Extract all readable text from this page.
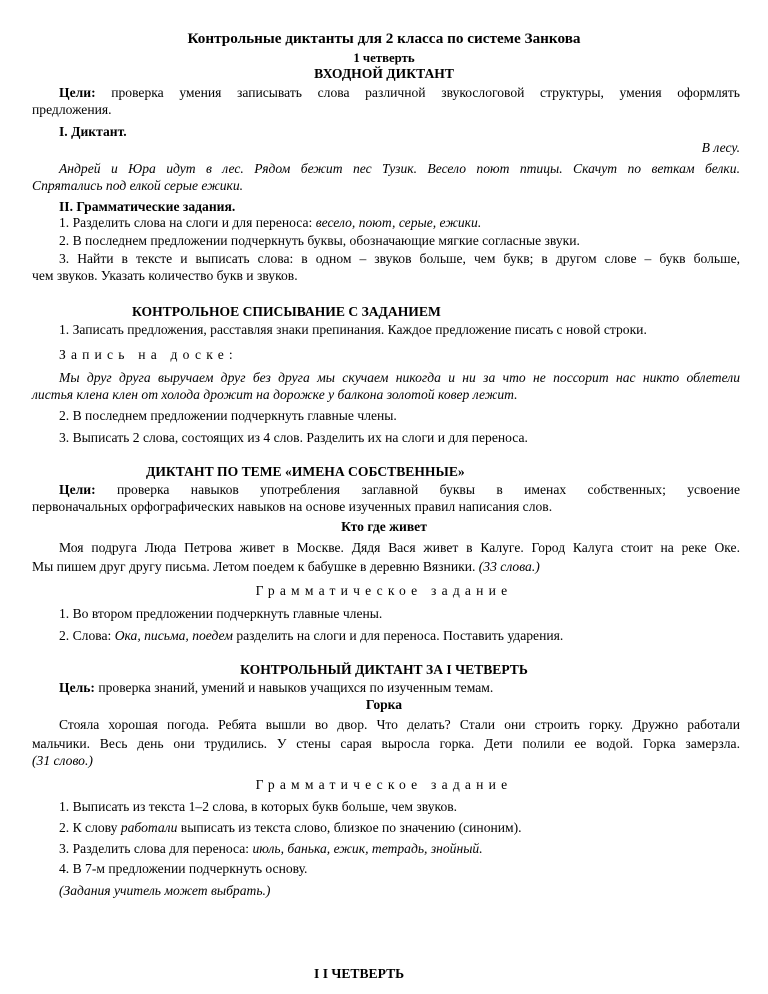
Контрольные диктанты для 2 класса по системе Занкова
1 четверть
ВХОДНОЙ ДИКТАНТ
Цели: проверка умения записывать слова различной звукослоговой структуры, умения оформлять
предложения.
I. Диктант.
В лесу.
Андрей и Юра идут в лес. Рядом бежит пес Тузик. Весело поют птицы. Скачут по веткам белки.
Спрятались под елкой серые ежики.
II. Грамматические задания.
1. Разделить слова на слоги и для переноса: весело, поют, серые, ежики.
2. В последнем предложении подчеркнуть буквы, обозначающие мягкие согласные звуки.
3. Найти в тексте и выписать слова: в одном – звуков больше, чем букв; в другом слове – букв больше,
чем звуков. Указать количество букв и звуков.
КОНТРОЛЬНОЕ СПИСЫВАНИЕ С ЗАДАНИЕМ
1. Записать предложения, расставляя знаки препинания. Каждое предложение писать с новой строки.
Запись на доске:
Мы друг друга выручаем друг без друга мы скучаем никогда и ни за что не поссорит нас никто облетели
листья клена клен от холода дрожит на дорожке у балкона золотой ковер лежит.
2. В последнем предложении подчеркнуть главные члены.
3. Выписать 2 слова, состоящих из 4 слов. Разделить их на слоги и для переноса.
ДИКТАНТ ПО ТЕМЕ «ИМЕНА СОБСТВЕННЫЕ»
Цели: проверка навыков употребления заглавной буквы в именах собственных; усвоение
первоначальных орфографических навыков на основе изученных правил написания слов.
Кто где живет
Моя подруга Люда Петрова живет в Москве. Дядя Вася живет в Калуге. Город Калуга стоит на реке Оке.
Мы пишем друг другу письма. Летом поедем к бабушке в деревню Вязники. (33 слова.)
Грамматическое задание
1. Во втором предложении подчеркнуть главные члены.
2. Слова: Ока, письма, поедем разделить на слоги и для переноса. Поставить ударения.
КОНТРОЛЬНЫЙ ДИКТАНТ ЗА I ЧЕТВЕРТЬ
Цель: проверка знаний, умений и навыков учащихся по изученным темам.
Горка
Стояла хорошая погода. Ребята вышли во двор. Что делать? Стали они строить горку. Дружно работали
мальчики. Весь день они трудились. У стены сарая выросла горка. Дети полили ее водой. Горка замерзла.
(31 слово.)
Грамматическое задание
1. Выписать из текста 1–2 слова, в которых букв больше, чем звуков.
2. К слову работали выписать из текста слово, близкое по значению (синоним).
3. Разделить слова для переноса: июль, банька, ежик, тетрадь, знойный.
4. В 7-м предложении подчеркнуть основу.
(Задания учитель может выбрать.)
I I ЧЕТВЕРТЬ
